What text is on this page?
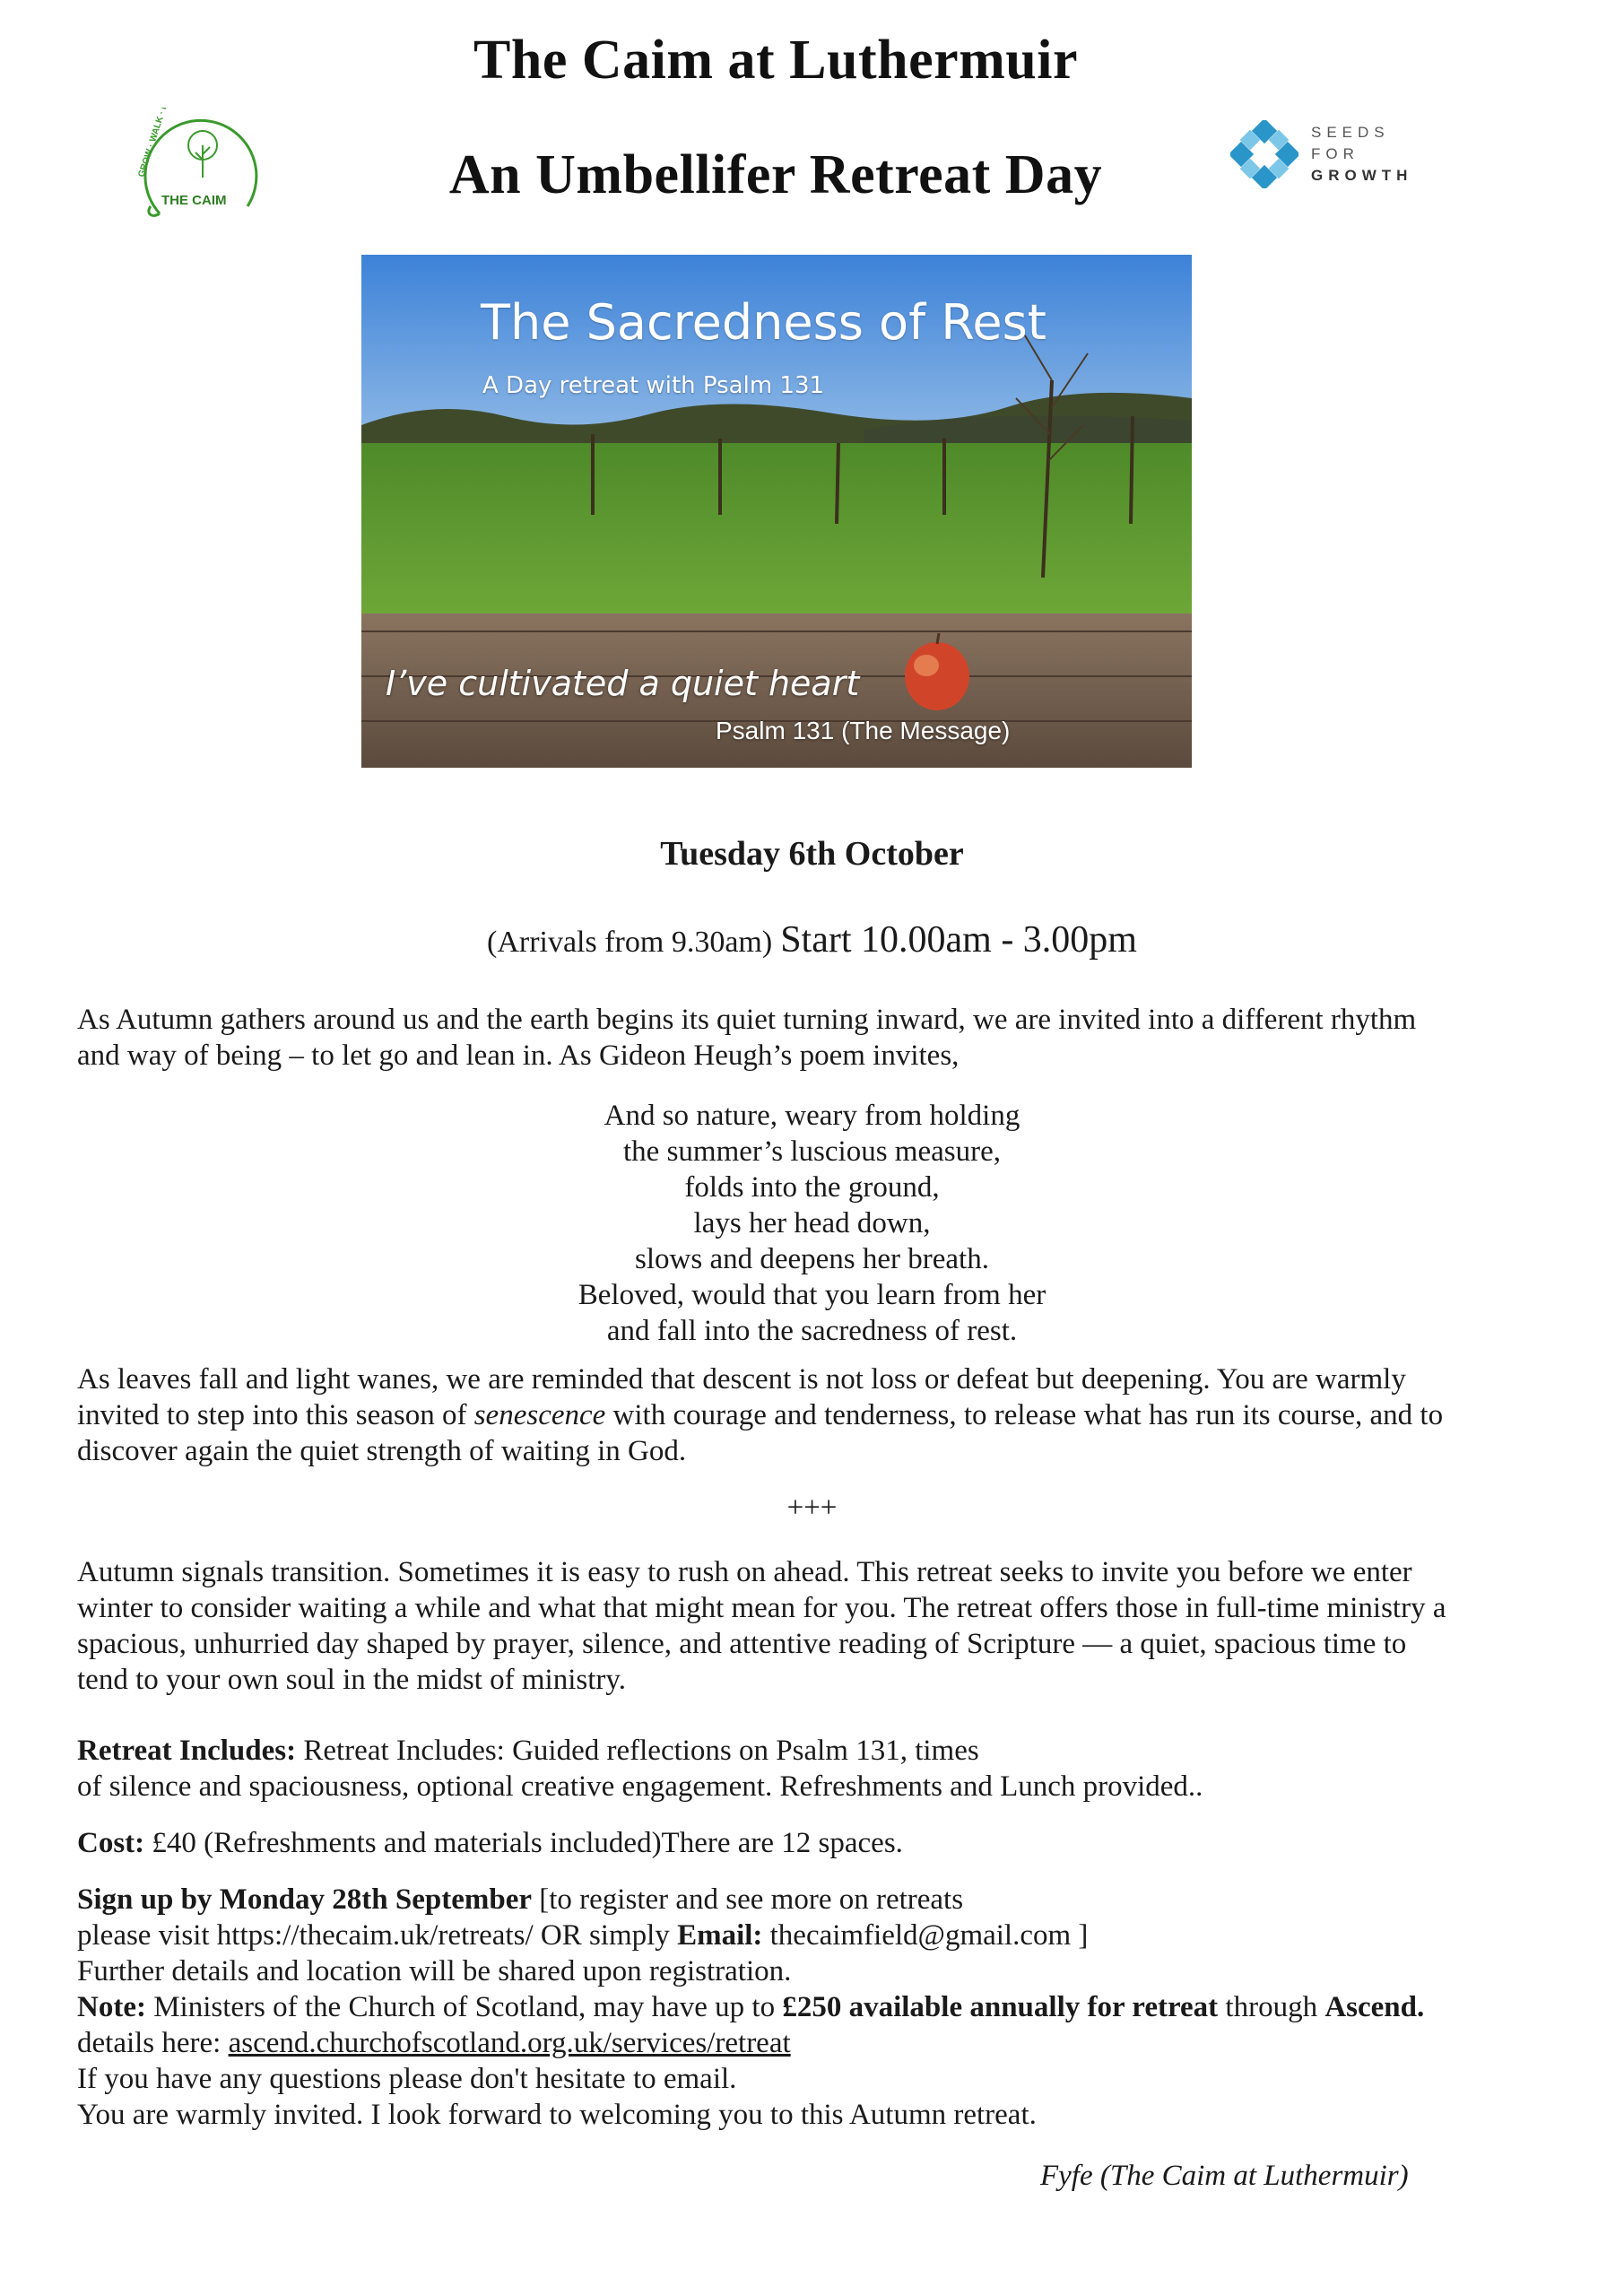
The Caim at Luthermuir
An Umbellifer Retreat Day
GROW · WALK · REST
THE CAIM
SEEDS
FOR
GROWTH
The Sacredness of Rest
A Day retreat with Psalm 131
I’ve cultivated a quiet heart
Psalm 131 (The Message)
Tuesday 6th October
(Arrivals from 9.30am) Start 10.00am - 3.00pm
As Autumn gathers around us and the earth begins its quiet turning inward, we are invited into a different rhythm
and way of being – to let go and lean in. As Gideon Heugh’s poem invites,
And so nature, weary from holding
the summer’s luscious measure,
folds into the ground,
lays her head down,
slows and deepens her breath.
Beloved, would that you learn from her
and fall into the sacredness of rest.
As leaves fall and light wanes, we are reminded that descent is not loss or defeat but deepening. You are warmly
invited to step into this season of senescence with courage and tenderness, to release what has run its course, and to
discover again the quiet strength of waiting in God.
+++
Autumn signals transition. Sometimes it is easy to rush on ahead. This retreat seeks to invite you before we enter
winter to consider waiting a while and what that might mean for you. The retreat offers those in full-time ministry a
spacious, unhurried day shaped by prayer, silence, and attentive reading of Scripture — a quiet, spacious time to
tend to your own soul in the midst of ministry.
Retreat Includes: Retreat Includes: Guided reflections on Psalm 131, times
of silence and spaciousness, optional creative engagement. Refreshments and Lunch provided..
Cost: £40 (Refreshments and materials included)There are 12 spaces.
Sign up by Monday 28th September [to register and see more on retreats
please visit https://thecaim.uk/retreats/ OR simply Email: thecaimfield@gmail.com ]
Further details and location will be shared upon registration.
Note: Ministers of the Church of Scotland, may have up to £250 available annually for retreat through Ascend.
details here: ascend.churchofscotland.org.uk/services/retreat
If you have any questions please don't hesitate to email.
You are warmly invited. I look forward to welcoming you to this Autumn retreat.
Fyfe (The Caim at Luthermuir)
